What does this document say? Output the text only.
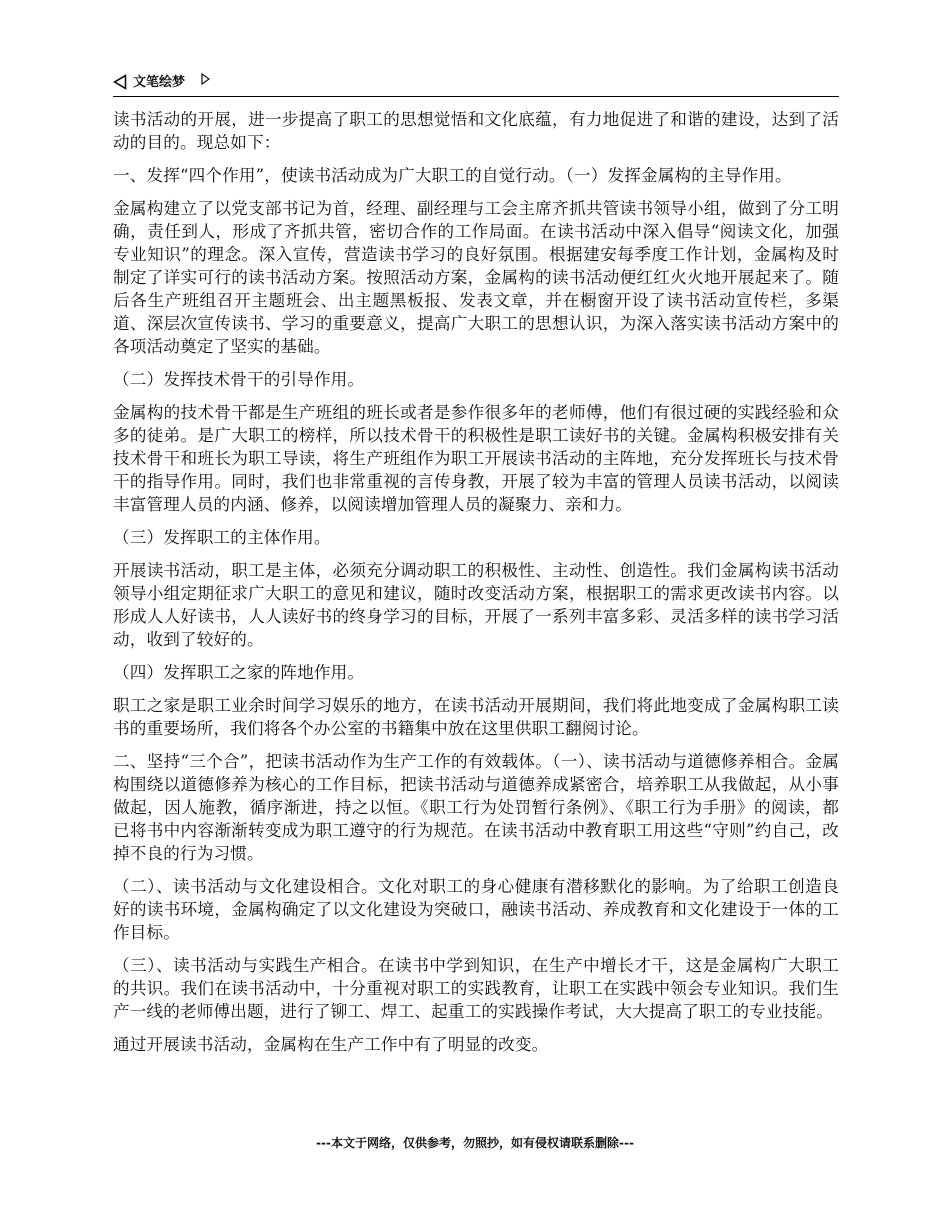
文笔绘梦

读书活动的开展，进一步提高了职工的思想觉悟和文化底蕴，有力地促进了和谐的建设，达到了活动的目的。现总如下：

一、发挥“四个作用”，使读书活动成为广大职工的自觉行动。（一）发挥金属构的主导作用。

金属构建立了以党支部书记为首，经理、副经理与工会主席齐抓共管读书领导小组，做到了分工明确，责任到人，形成了齐抓共管，密切合作的工作局面。在读书活动中深入倡导“阅读文化，加强专业知识”的理念。深入宣传，营造读书学习的良好氛围。根据建安每季度工作计划，金属构及时制定了详实可行的读书活动方案。按照活动方案，金属构的读书活动便红红火火地开展起来了。随后各生产班组召开主题班会、出主题黑板报、发表文章，并在橱窗开设了读书活动宣传栏，多渠道、深层次宣传读书、学习的重要意义，提高广大职工的思想认识，为深入落实读书活动方案中的各项活动奠定了坚实的基础。

（二）发挥技术骨干的引导作用。

金属构的技术骨干都是生产班组的班长或者是参作很多年的老师傅，他们有很过硬的实践经验和众多的徒弟。是广大职工的榜样，所以技术骨干的积极性是职工读好书的关键。金属构积极安排有关技术骨干和班长为职工导读，将生产班组作为职工开展读书活动的主阵地，充分发挥班长与技术骨干的指导作用。同时，我们也非常重视的言传身教，开展了较为丰富的管理人员读书活动，以阅读丰富管理人员的内涵、修养，以阅读增加管理人员的凝聚力、亲和力。

（三）发挥职工的主体作用。

开展读书活动，职工是主体，必须充分调动职工的积极性、主动性、创造性。我们金属构读书活动领导小组定期征求广大职工的意见和建议，随时改变活动方案，根据职工的需求更改读书内容。以形成人人好读书，人人读好书的终身学习的目标，开展了一系列丰富多彩、灵活多样的读书学习活动，收到了较好的。

（四）发挥职工之家的阵地作用。

职工之家是职工业余时间学习娱乐的地方，在读书活动开展期间，我们将此地变成了金属构职工读书的重要场所，我们将各个办公室的书籍集中放在这里供职工翻阅讨论。

二、坚持“三个合”，把读书活动作为生产工作的有效载体。（一）、读书活动与道德修养相合。金属构围绕以道德修养为核心的工作目标，把读书活动与道德养成紧密合，培养职工从我做起，从小事做起，因人施教，循序渐进，持之以恒。《职工行为处罚暂行条例》、《职工行为手册》的阅读，都已将书中内容渐渐转变成为职工遵守的行为规范。在读书活动中教育职工用这些“守则”约自己，改掉不良的行为习惯。

（二）、读书活动与文化建设相合。文化对职工的身心健康有潜移默化的影响。为了给职工创造良好的读书环境，金属构确定了以文化建设为突破口，融读书活动、养成教育和文化建设于一体的工作目标。

（三）、读书活动与实践生产相合。在读书中学到知识，在生产中增长才干，这是金属构广大职工的共识。我们在读书活动中，十分重视对职工的实践教育，让职工在实践中领会专业知识。我们生产一线的老师傅出题，进行了铆工、焊工、起重工的实践操作考试，大大提高了职工的专业技能。

通过开展读书活动，金属构在生产工作中有了明显的改变。

---本文于网络，仅供参考，勿照抄，如有侵权请联系删除---
